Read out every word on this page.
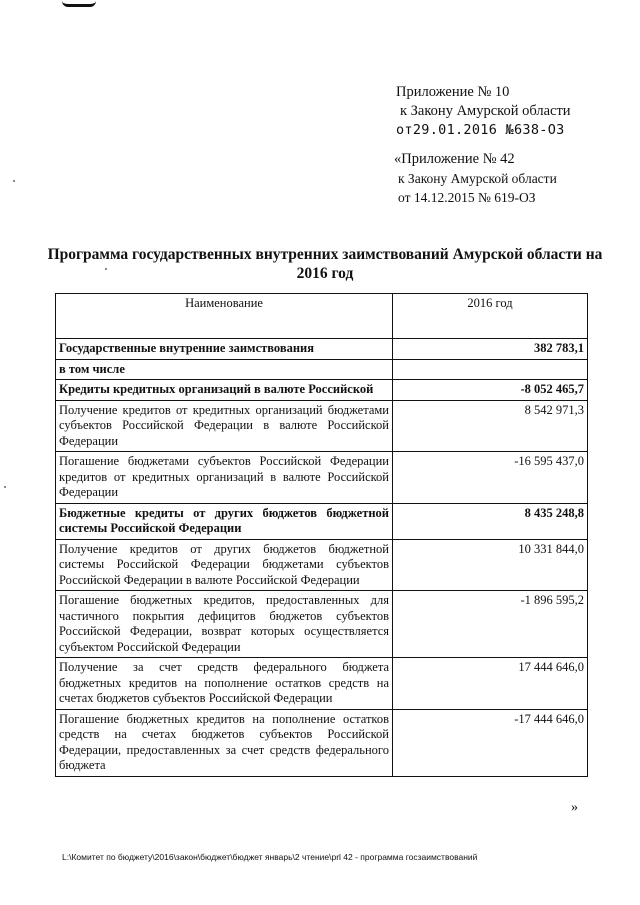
Приложение № 10
к Закону Амурской области
от29.01.2016 №638-ОЗ
«Приложение № 42
к Закону Амурской области
от 14.12.2015 № 619-ОЗ
Программа государственных внутренних заимствований Амурской области на 2016 год
Наименование	2016 год
Государственные внутренние заимствования	382 783,1
в том числе	
Кредиты кредитных организаций в валюте Российской	-8 052 465,7
Получение кредитов от кредитных организаций бюджетами субъектов Российской Федерации в валюте Российской Федерации	8 542 971,3
Погашение бюджетами субъектов Российской Федерации кредитов от кредитных организаций в валюте Российской Федерации	-16 595 437,0
Бюджетные кредиты от других бюджетов бюджетной системы Российской Федерации	8 435 248,8
Получение кредитов от других бюджетов бюджетной системы Российской Федерации бюджетами субъектов Российской Федерации в валюте Российской Федерации	10 331 844,0
Погашение бюджетных кредитов, предоставленных для частичного покрытия дефицитов бюджетов субъектов Российской Федерации, возврат которых осуществляется субъектом Российской Федерации	-1 896 595,2
Получение за счет средств федерального бюджета бюджетных кредитов на пополнение остатков средств на счетах бюджетов субъектов Российской Федерации	17 444 646,0
Погашение бюджетных кредитов на пополнение остатков средств на счетах бюджетов субъектов Российской Федерации, предоставленных за счет средств федерального бюджета	-17 444 646,0
»
L:\Комитет по бюджету\2016\закон\бюджет\бюджет январь\2 чтение\prl 42 - программа госзаимствований
